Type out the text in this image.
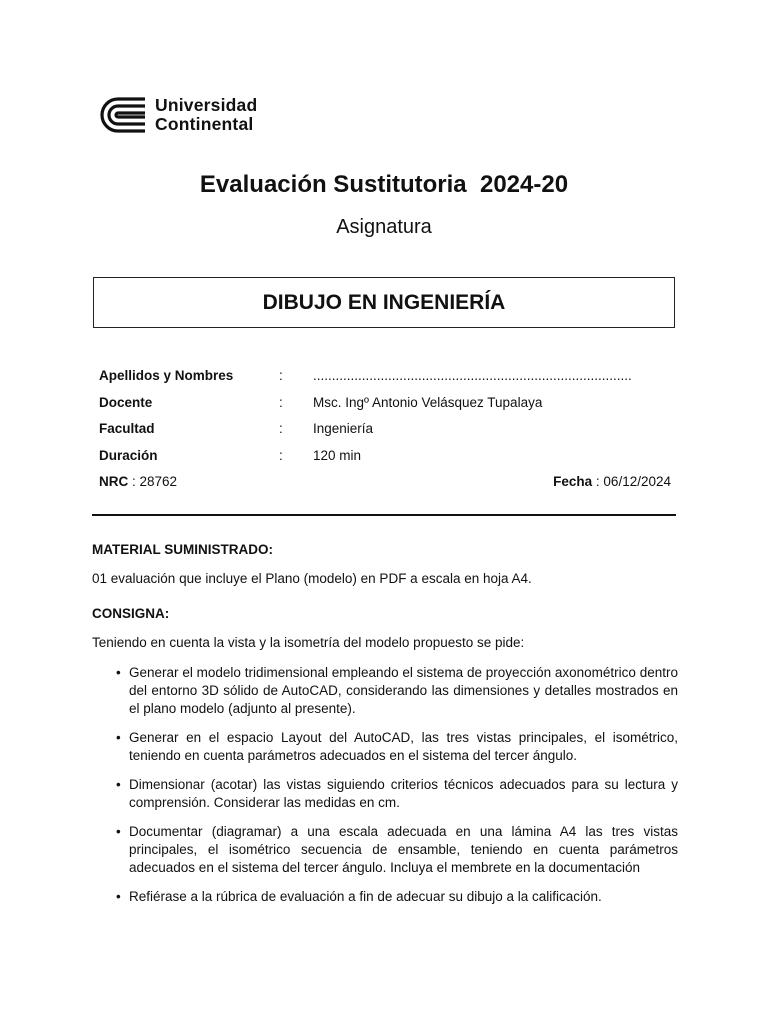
Universidad
Continental
Evaluación Sustitutoria  2024-20
Asignatura
DIBUJO EN INGENIERÍA
Apellidos y Nombres	: .....................................................................................
Docente	: Msc. Ingº Antonio Velásquez Tupalaya
Facultad	: Ingeniería
Duración	: 120 min
NRC : 28762	Fecha : 06/12/2024

MATERIAL SUMINISTRADO:

01 evaluación que incluye el Plano (modelo) en PDF a escala en hoja A4.

CONSIGNA:

Teniendo en cuenta la vista y la isometría del modelo propuesto se pide:

• Generar el modelo tridimensional empleando el sistema de proyección axonométrico dentro del entorno 3D sólido de AutoCAD, considerando las dimensiones y detalles mostrados en el plano modelo (adjunto al presente).
• Generar en el espacio Layout del AutoCAD, las tres vistas principales, el isométrico, teniendo en cuenta parámetros adecuados en el sistema del tercer ángulo.
• Dimensionar (acotar) las vistas siguiendo criterios técnicos adecuados para su lectura y comprensión. Considerar las medidas en cm.
• Documentar (diagramar) a una escala adecuada en una lámina A4 las tres vistas principales, el isométrico secuencia de ensamble, teniendo en cuenta parámetros adecuados en el sistema del tercer ángulo. Incluya el membrete en la documentación
• Refiérase a la rúbrica de evaluación a fin de adecuar su dibujo a la calificación.
